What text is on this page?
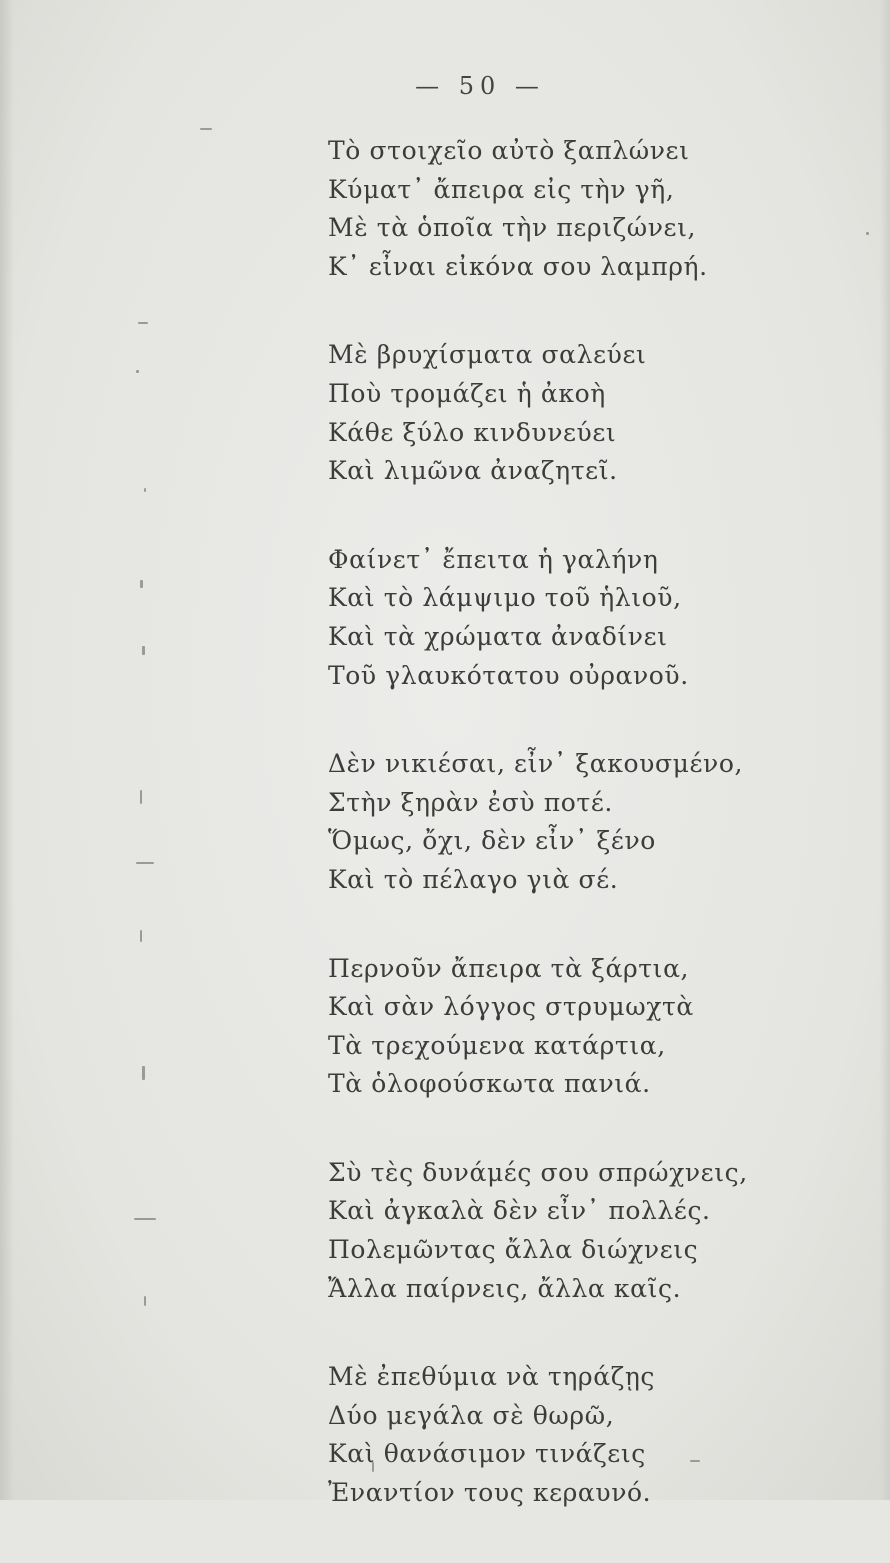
— 50 —
Τὸ στοιχεῖο αὐτὸ ξαπλώνει
Κύματ᾿ ἄπειρα εἰς τὴν γῆ,
Μὲ τὰ ὁποῖα τὴν περιζώνει,
Κ᾿ εἶναι εἰκόνα σου λαμπρή.
Μὲ βρυχίσματα σαλεύει
Ποὺ τρομάζει ἡ ἀκοὴ
Κάθε ξύλο κινδυνεύει
Καὶ λιμῶνα ἀναζητεῖ.
Φαίνετ᾿ ἔπειτα ἡ γαλήνη
Καὶ τὸ λάμψιμο τοῦ ἡλιοῦ,
Καὶ τὰ χρώματα ἀναδίνει
Τοῦ γλαυκότατου οὐρανοῦ.
Δὲν νικιέσαι, εἶν᾿ ξακουσμένο,
Στὴν ξηρὰν ἐσὺ ποτέ.
Ὅμως, ὄχι, δὲν εἶν᾿ ξένο
Καὶ τὸ πέλαγο γιὰ σέ.
Περνοῦν ἄπειρα τὰ ξάρτια,
Καὶ σὰν λόγγος στρυμωχτὰ
Τὰ τρεχούμενα κατάρτια,
Τὰ ὁλοφούσκωτα πανιά.
Σὺ τὲς δυνάμές σου σπρώχνεις,
Καὶ ἀγκαλὰ δὲν εἶν᾿ πολλές.
Πολεμῶντας ἄλλα διώχνεις
Ἄλλα παίρνεις, ἄλλα καῖς.
Μὲ ἐπεθύμια νὰ τηράζῃς
Δύο μεγάλα σὲ θωρῶ,
Καὶ θανάσιμον τινάζεις
Ἐναντίον τους κεραυνό.
